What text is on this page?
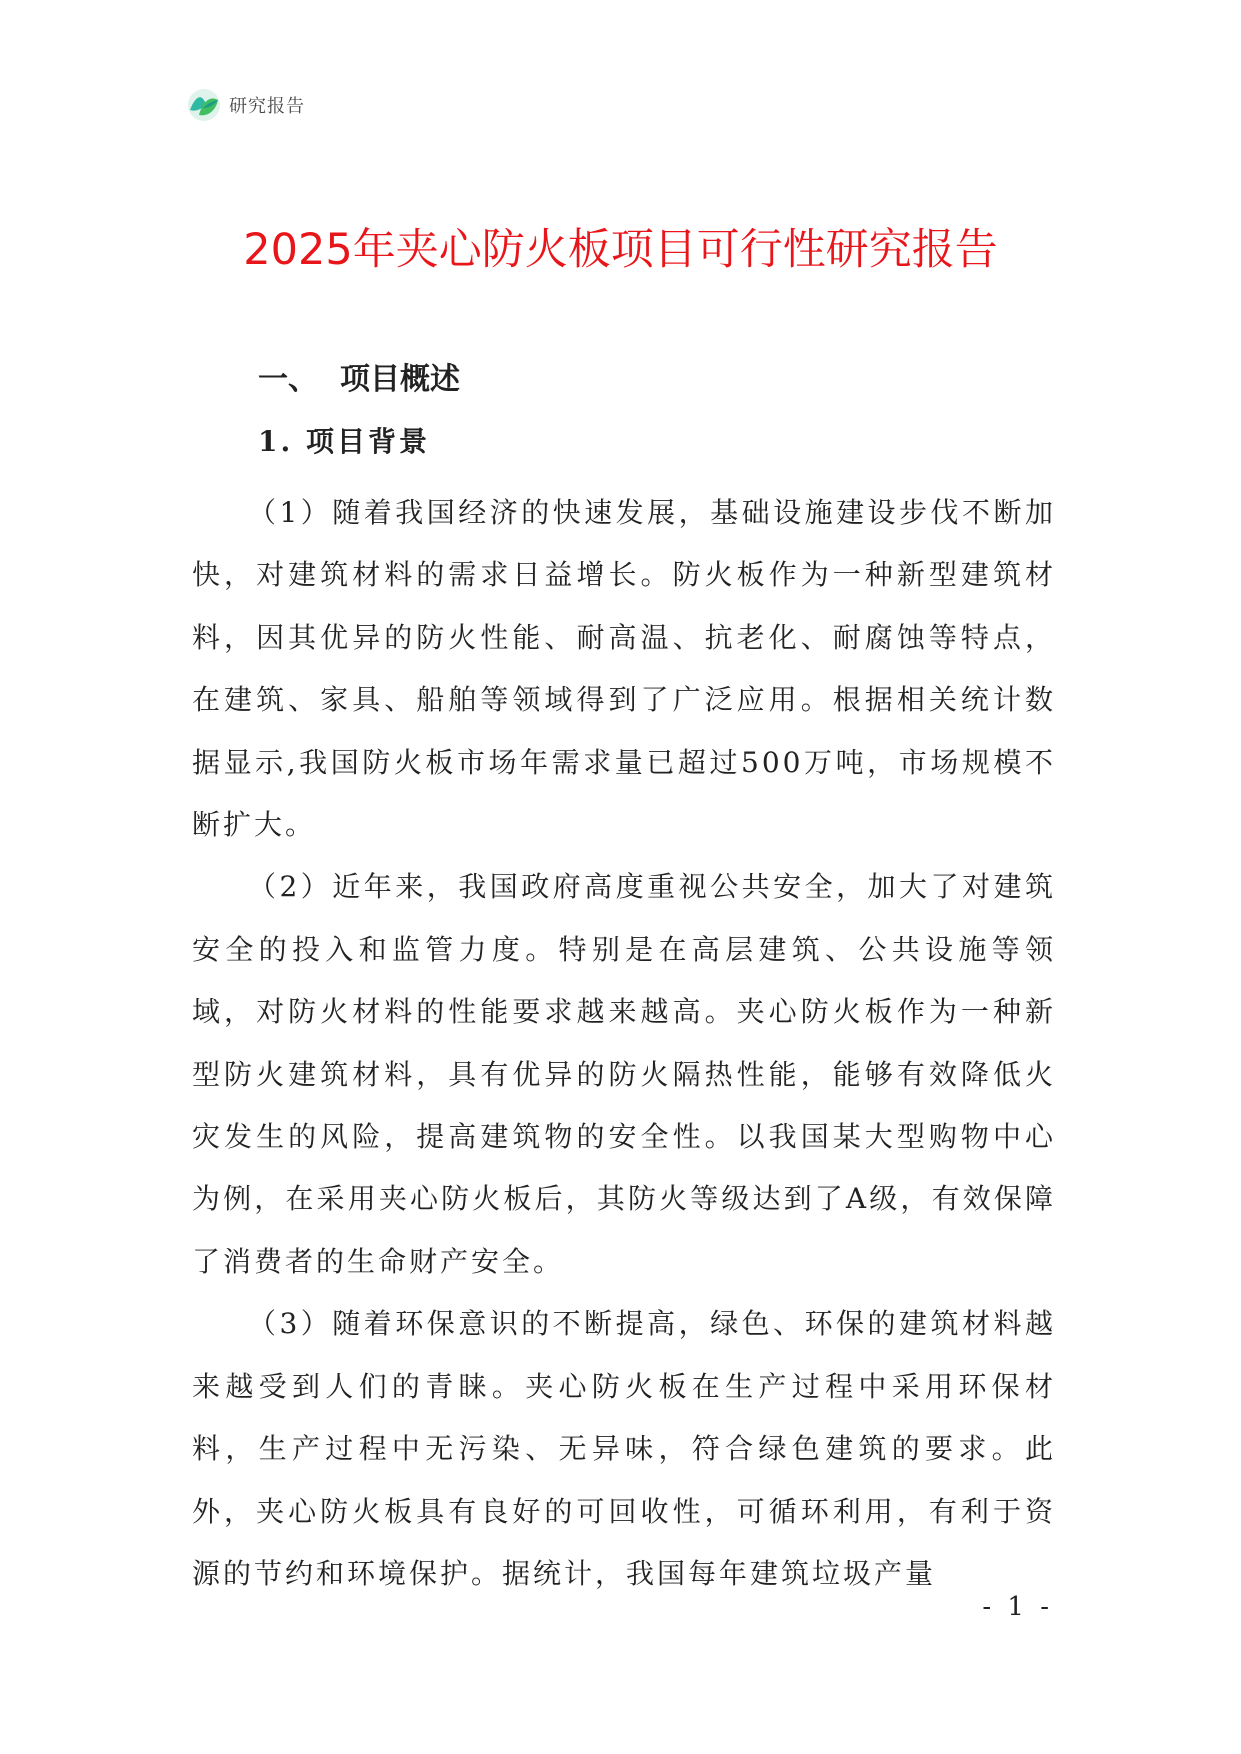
研究报告
2025年夹心防火板项目可行性研究报告
一、 项目概述
1. 项目背景

（1）随着我国经济的快速发展，基础设施建设步伐不断加快，对建筑材料的需求日益增长。防火板作为一种新型建筑材料，因其优异的防火性能、耐高温、抗老化、耐腐蚀等特点，在建筑、家具、船舶等领域得到了广泛应用。根据相关统计数据显示,我国防火板市场年需求量已超过500万吨，市场规模不断扩大。

（2）近年来，我国政府高度重视公共安全，加大了对建筑安全的投入和监管力度。特别是在高层建筑、公共设施等领域，对防火材料的性能要求越来越高。夹心防火板作为一种新型防火建筑材料，具有优异的防火隔热性能，能够有效降低火灾发生的风险，提高建筑物的安全性。以我国某大型购物中心为例，在采用夹心防火板后，其防火等级达到了A级，有效保障了消费者的生命财产安全。

（3）随着环保意识的不断提高，绿色、环保的建筑材料越来越受到人们的青睐。夹心防火板在生产过程中采用环保材料，生产过程中无污染、无异味，符合绿色建筑的要求。此外，夹心防火板具有良好的可回收性，可循环利用，有利于资源的节约和环境保护。据统计，我国每年建筑垃圾产量

- 1 -
